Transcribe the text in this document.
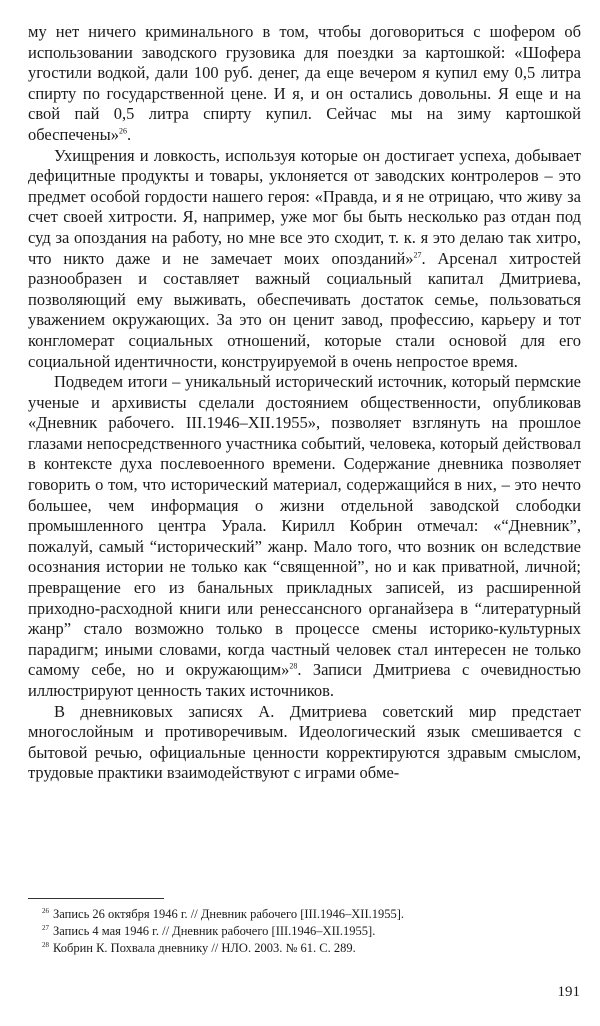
му нет ничего криминального в том, чтобы договориться с шофером об использовании заводского грузовика для поездки за картошкой: «Шофера угостили водкой, дали 100 руб. денег, да еще вечером я купил ему 0,5 литра спирту по государственной цене. И я, и он остались довольны. Я еще и на свой пай 0,5 литра спирту купил. Сейчас мы на зиму картошкой обеспечены»$^{26}$.

Ухищрения и ловкость, используя которые он достигает успеха, добывает дефицитные продукты и товары, уклоняется от заводских контролеров – это предмет особой гордости нашего героя: «Правда, и я не отрицаю, что живу за счет своей хитрости. Я, например, уже мог бы быть несколько раз отдан под суд за опоздания на работу, но мне все это сходит, т. к. я это делаю так хитро, что никто даже и не замечает моих опозданий»$^{27}$. Арсенал хитростей разнообразен и составляет важный социальный капитал Дмитриева, позволяющий ему выживать, обеспечивать достаток семье, пользоваться уважением окружающих. За это он ценит завод, профессию, карьеру и тот конгломерат социальных отношений, которые стали основой для его социальной идентичности, конструируемой в очень непростое время.

Подведем итоги – уникальный исторический источник, который пермские ученые и архивисты сделали достоянием общественности, опубликовав «Дневник рабочего. III.1946–XII.1955», позволяет взглянуть на прошлое глазами непосредственного участника событий, человека, который действовал в контексте духа послевоенного времени. Содержание дневника позволяет говорить о том, что исторический материал, содержащийся в них, – это нечто большее, чем информация о жизни отдельной заводской слободки промышленного центра Урала. Кирилл Кобрин отмечал: «“Дневник”, пожалуй, самый “исторический” жанр. Мало того, что возник он вследствие осознания истории не только как “священной”, но и как приватной, личной; превращение его из банальных прикладных записей, из расширенной приходно-расходной книги или ренессансного органайзера в “литературный жанр” стало возможно только в процессе смены историко-культурных парадигм; иными словами, когда частный человек стал интересен не только самому себе, но и окружающим»$^{28}$. Записи Дмитриева с очевидностью иллюстрируют ценность таких источников.

В дневниковых записях А. Дмитриева советский мир предстает многослойным и противоречивым. Идеологический язык смешивается с бытовой речью, официальные ценности корректируются здравым смыслом, трудовые практики взаимодействуют с играми обме-

$^{26}$ Запись 26 октября 1946 г. // Дневник рабочего [III.1946–XII.1955].

$^{27}$ Запись 4 мая 1946 г. // Дневник рабочего [III.1946–XII.1955].

$^{28}$ Кобрин К. Похвала дневнику // НЛО. 2003. № 61. С. 289.

191
